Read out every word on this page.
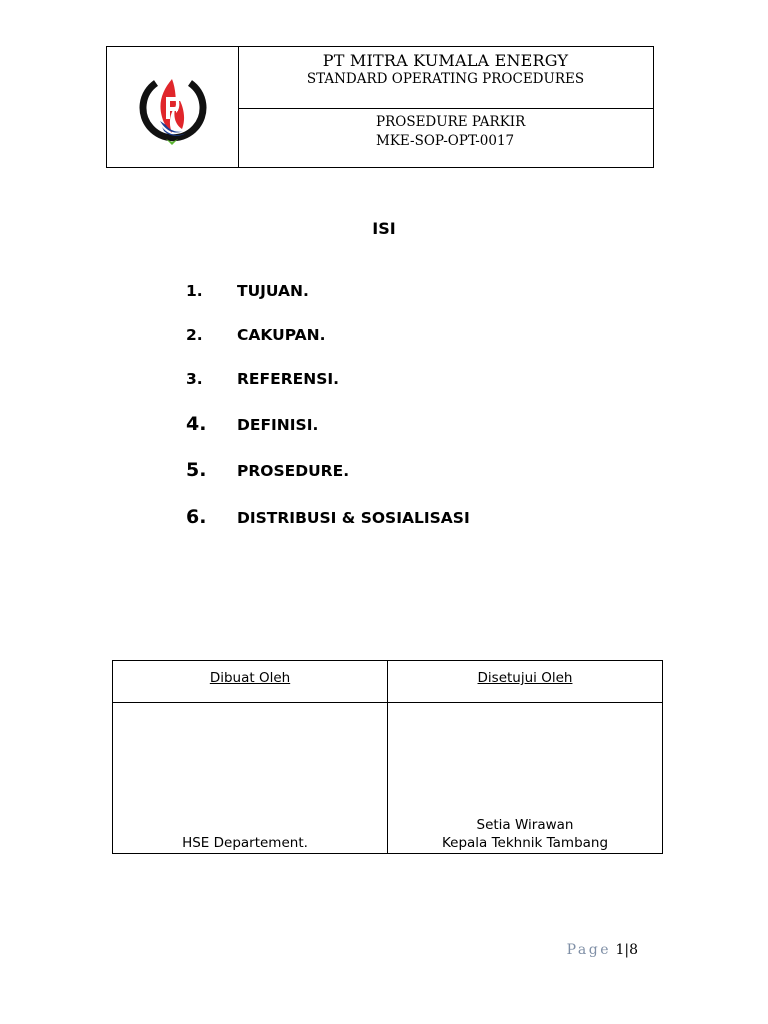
PT MITRA KUMALA ENERGY
STANDARD OPERATING PROCEDURES
PROSEDURE PARKIR
MKE-SOP-OPT-0017
ISI
1. TUJUAN.
2. CAKUPAN.
3. REFERENSI.
4. DEFINISI.
5. PROSEDURE.
6. DISTRIBUSI & SOSIALISASI
Dibuat Oleh	Disetujui Oleh
HSE Departement.
Setia Wirawan
Kepala Tekhnik Tambang
Page 1|8
